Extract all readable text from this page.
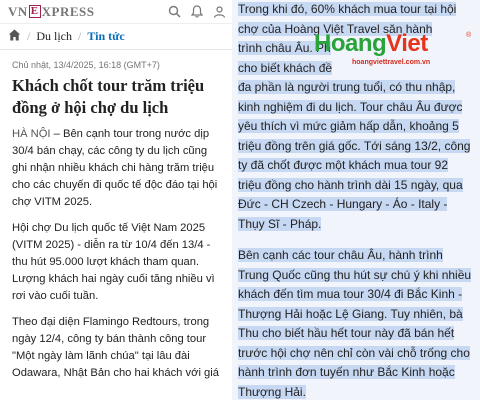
VN E XPRESS
/ Du lịch / Tin tức
Chủ nhật, 13/4/2025, 16:18 (GMT+7)
Khách chốt tour trăm triệu đồng ở hội chợ du lịch

HÀ NỘI – Bên cạnh tour trong nước dịp 30/4 bán chạy, các công ty du lịch cũng ghi nhận nhiều khách chi hàng trăm triệu cho các chuyến đi quốc tế độc đáo tại hội chợ VITM 2025.

Hội chợ Du lịch quốc tế Việt Nam 2025 (VITM 2025) - diễn ra từ 10/4 đến 13/4 - thu hút 95.000 lượt khách tham quan. Lượng khách hai ngày cuối tăng nhiều vì rơi vào cuối tuần.

Theo đại diện Flamingo Redtours, trong ngày 12/4, công ty bán thành công tour "Một ngày làm lãnh chúa" tại lâu đài Odawara, Nhật Bản cho hai khách với giá

Trong khi đó, 60% khách mua tour tại hội
chợ của Hoàng Việt Travel săn hành
trình châu Âu. Ph
cho biết khách đề
đa phần là người trung tuổi, có thu nhập, kinh nghiệm đi du lịch. Tour châu Âu được yêu thích vì mức giảm hấp dẫn, khoảng 5 triệu đồng trên giá gốc. Tới sáng 13/2, công ty đã chốt được một khách mua tour 92 triệu đồng cho hành trình dài 15 ngày, qua Đức - CH Czech - Hungary - Áo - Italy - Thụy Sĩ - Pháp.
Bên cạnh các tour châu Âu, hành trình Trung Quốc cũng thu hút sự chú ý khi nhiều khách đến tìm mua tour 30/4 đi Bắc Kinh - Thượng Hải hoặc Lệ Giang. Tuy nhiên, bà Thu cho biết hầu hết tour này đã bán hết trước hội chợ nên chỉ còn vài chỗ trống cho hành trình đơn tuyến như Bắc Kinh hoặc Thượng Hải.
HoangViet	®
hoangviettravel.com.vn
